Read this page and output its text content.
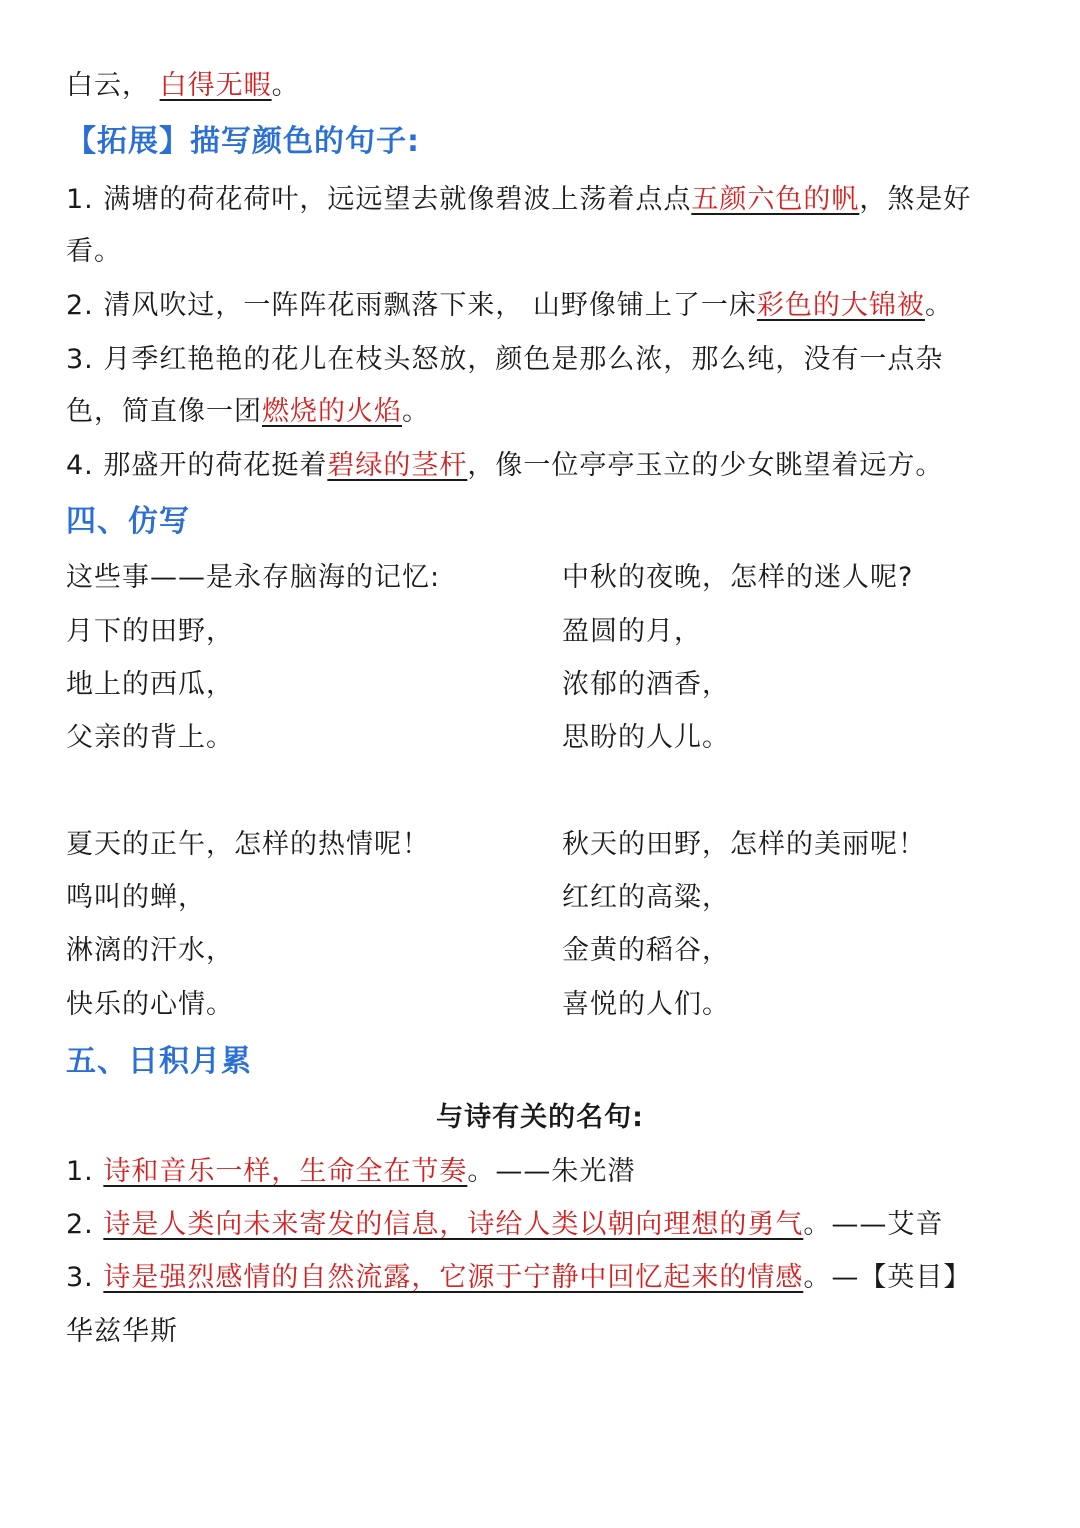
白云， 白得无暇。
【拓展】描写颜色的句子:
1. 满塘的荷花荷叶，远远望去就像碧波上荡着点点五颜六色的帆，煞是好
看。
2. 清风吹过，一阵阵花雨飘落下来， 山野像铺上了一床彩色的大锦被。
3. 月季红艳艳的花儿在枝头怒放，颜色是那么浓，那么纯，没有一点杂
色，简直像一团燃烧的火焰。
4. 那盛开的荷花挺着碧绿的茎杆，像一位亭亭玉立的少女眺望着远方。
四、仿写
这些事——是永存脑海的记忆:	中秋的夜晚，怎样的迷人呢?
月下的田野，	盈圆的月，
地上的西瓜，	浓郁的酒香，
父亲的背上。	思盼的人儿。
夏天的正午，怎样的热情呢！	秋天的田野，怎样的美丽呢！
鸣叫的蝉，	红红的高粱，
淋漓的汗水，	金黄的稻谷，
快乐的心情。	喜悦的人们。
五、日积月累
与诗有关的名句:
1. 诗和音乐一样，生命全在节奏。——朱光潜
2. 诗是人类向未来寄发的信息，诗给人类以朝向理想的勇气。——艾音
3. 诗是强烈感情的自然流露，它源于宁静中回忆起来的情感。—【英目】
华兹华斯
